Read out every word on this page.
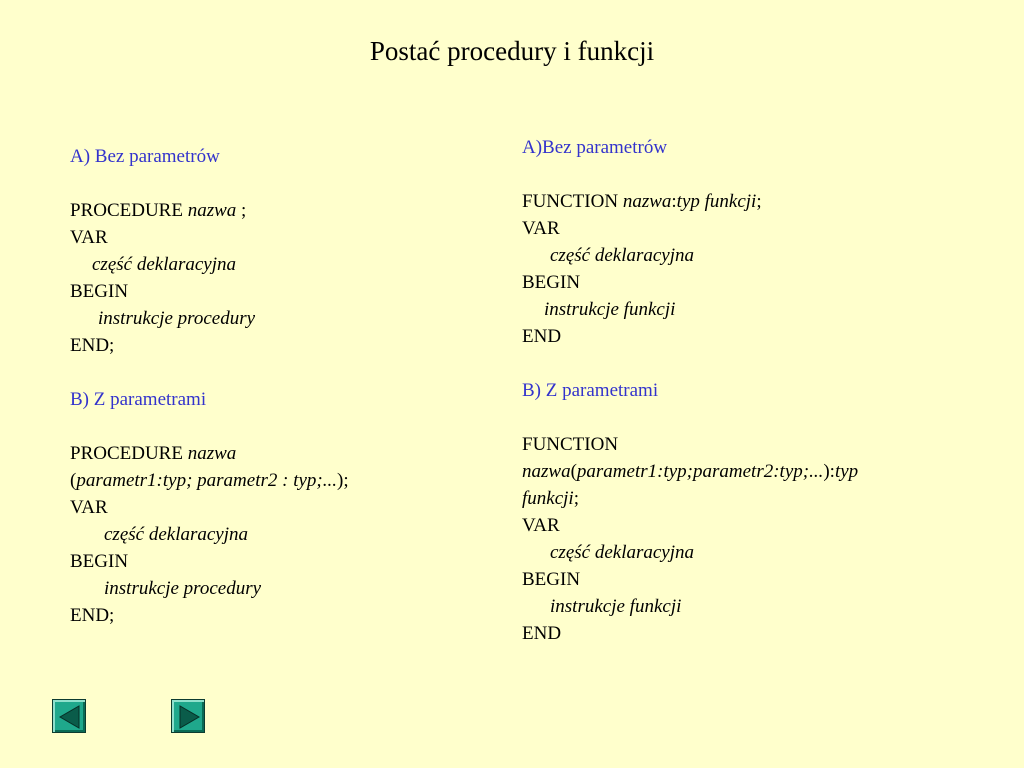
Postać procedury i funkcji
A) Bez parametrów
PROCEDURE nazwa ;
VAR
część deklaracyjna
BEGIN
instrukcje procedury
END;
B) Z parametrami
PROCEDURE nazwa
(parametr1:typ; parametr2 : typ;...);
VAR
część deklaracyjna
BEGIN
instrukcje procedury
END;
A)Bez parametrów
FUNCTION nazwa:typ funkcji;
VAR
część deklaracyjna
BEGIN
instrukcje funkcji
END
B) Z parametrami
FUNCTION
nazwa(parametr1:typ;parametr2:typ;...):typ
funkcji;
VAR
część deklaracyjna
BEGIN
instrukcje funkcji
END
